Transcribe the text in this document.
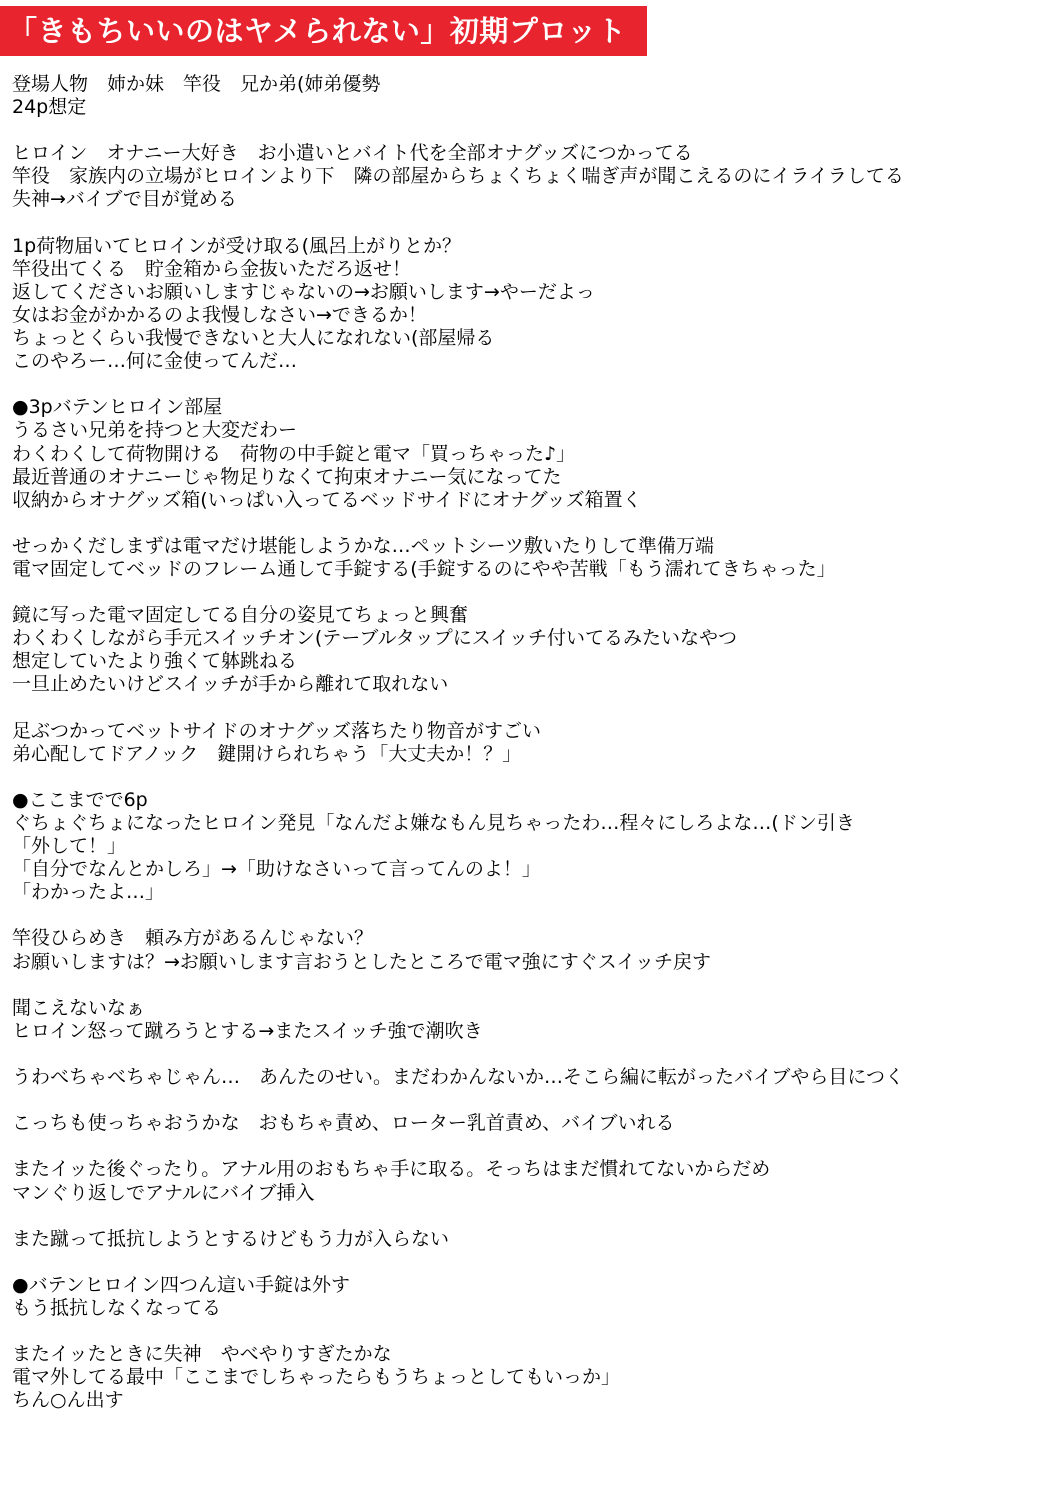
「きもちいいのはヤメられない」初期プロット
登場人物　姉か妹　竿役　兄か弟(姉弟優勢
24p想定
ヒロイン　オナニー大好き　お小遣いとバイト代を全部オナグッズにつかってる
竿役　家族内の立場がヒロインより下　隣の部屋からちょくちょく喘ぎ声が聞こえるのにイライラしてる
失神→バイブで目が覚める
1p荷物届いてヒロインが受け取る(風呂上がりとか？
竿役出てくる　貯金箱から金抜いただろ返せ！
返してくださいお願いしますじゃないの→お願いします→やーだよっ
女はお金がかかるのよ我慢しなさい→できるか！
ちょっとくらい我慢できないと大人になれない(部屋帰る
このやろー…何に金使ってんだ…
●3pバテンヒロイン部屋
うるさい兄弟を持つと大変だわー
わくわくして荷物開ける　荷物の中手錠と電マ「買っちゃった♪」
最近普通のオナニーじゃ物足りなくて拘束オナニー気になってた
収納からオナグッズ箱(いっぱい入ってるベッドサイドにオナグッズ箱置く
せっかくだしまずは電マだけ堪能しようかな…ペットシーツ敷いたりして準備万端
電マ固定してベッドのフレーム通して手錠する(手錠するのにやや苦戦「もう濡れてきちゃった」
鏡に写った電マ固定してる自分の姿見てちょっと興奮
わくわくしながら手元スイッチオン(テーブルタップにスイッチ付いてるみたいなやつ
想定していたより強くて躰跳ねる
一旦止めたいけどスイッチが手から離れて取れない
足ぶつかってベットサイドのオナグッズ落ちたり物音がすごい
弟心配してドアノック　鍵開けられちゃう「大丈夫か！？」
●ここまでで6p
ぐちょぐちょになったヒロイン発見「なんだよ嫌なもん見ちゃったわ…程々にしろよな…(ドン引き
「外して！」
「自分でなんとかしろ」→「助けなさいって言ってんのよ！」
「わかったよ…」
竿役ひらめき　頼み方があるんじゃない？
お願いしますは？→お願いします言おうとしたところで電マ強にすぐスイッチ戻す
聞こえないなぁ
ヒロイン怒って蹴ろうとする→またスイッチ強で潮吹き
うわべちゃべちゃじゃん…　あんたのせい。まだわかんないか…そこら編に転がったバイブやら目につく
こっちも使っちゃおうかな　おもちゃ責め、ローター乳首責め、バイブいれる
またイッた後ぐったり。アナル用のおもちゃ手に取る。そっちはまだ慣れてないからだめ
マンぐり返しでアナルにバイブ挿入
また蹴って抵抗しようとするけどもう力が入らない
●バテンヒロイン四つん這い手錠は外す
もう抵抗しなくなってる
またイッたときに失神　やべやりすぎたかな
電マ外してる最中「ここまでしちゃったらもうちょっとしてもいっか」
ちん○ん出す
